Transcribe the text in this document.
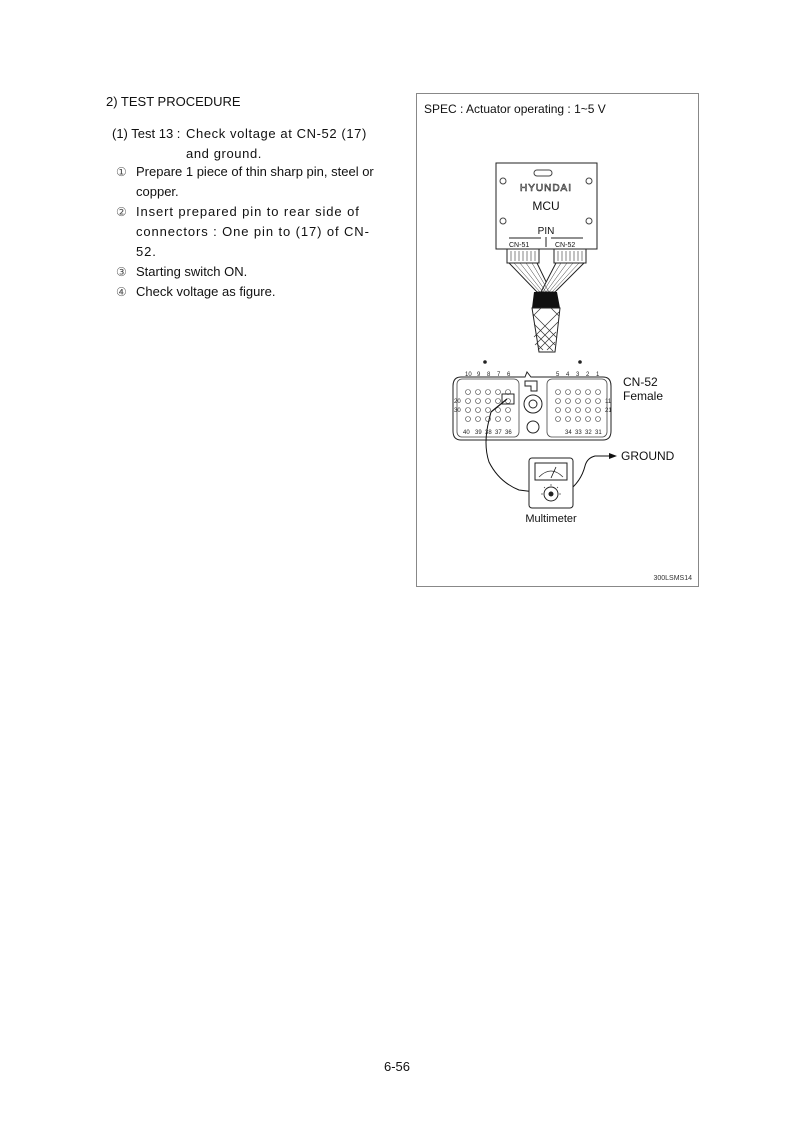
2) TEST PROCEDURE
(1) Test 13 : Check voltage at CN-52 (17) and ground.
① Prepare 1 piece of thin sharp pin, steel or copper.
② Insert prepared pin to rear side of connectors : One pin to (17) of CN-52.
③ Starting switch ON.
④ Check voltage as figure.
SPEC : Actuator operating : 1~5 V
HYUNDAI
MCU
PIN
CN-51	CN-52
10 9 8 7 6	5 4 3 2 1 20 30 11 21 40 39 38 37 36	34 33 32 31
CN-52
Female
GROUND
Multimeter
300LSMS14
6-56
